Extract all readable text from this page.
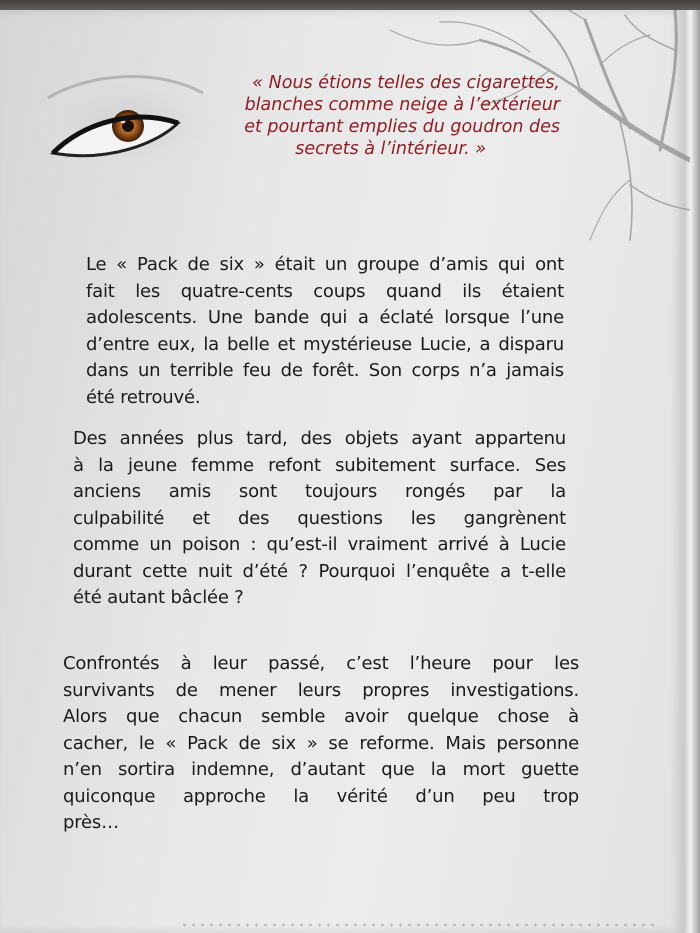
« Nous étions telles des cigarettes,
blanches comme neige à l’extérieur
et pourtant emplies du goudron des
secrets à l’intérieur. »

Le « Pack de six » était un groupe d’amis qui ont
fait les quatre-cents coups quand ils étaient
adolescents. Une bande qui a éclaté lorsque l’une
d’entre eux, la belle et mystérieuse Lucie, a disparu
dans un terrible feu de forêt. Son corps n’a jamais
été retrouvé.

Des années plus tard, des objets ayant appartenu
à la jeune femme refont subitement surface. Ses
anciens amis sont toujours rongés par la
culpabilité et des questions les gangrènent
comme un poison : qu’est-il vraiment arrivé à Lucie
durant cette nuit d’été ? Pourquoi l’enquête a t-elle
été autant bâclée ?

Confrontés à leur passé, c’est l’heure pour les
survivants de mener leurs propres investigations.
Alors que chacun semble avoir quelque chose à
cacher, le « Pack de six » se reforme. Mais personne
n’en sortira indemne, d’autant que la mort guette
quiconque approche la vérité d’un peu trop
près…
